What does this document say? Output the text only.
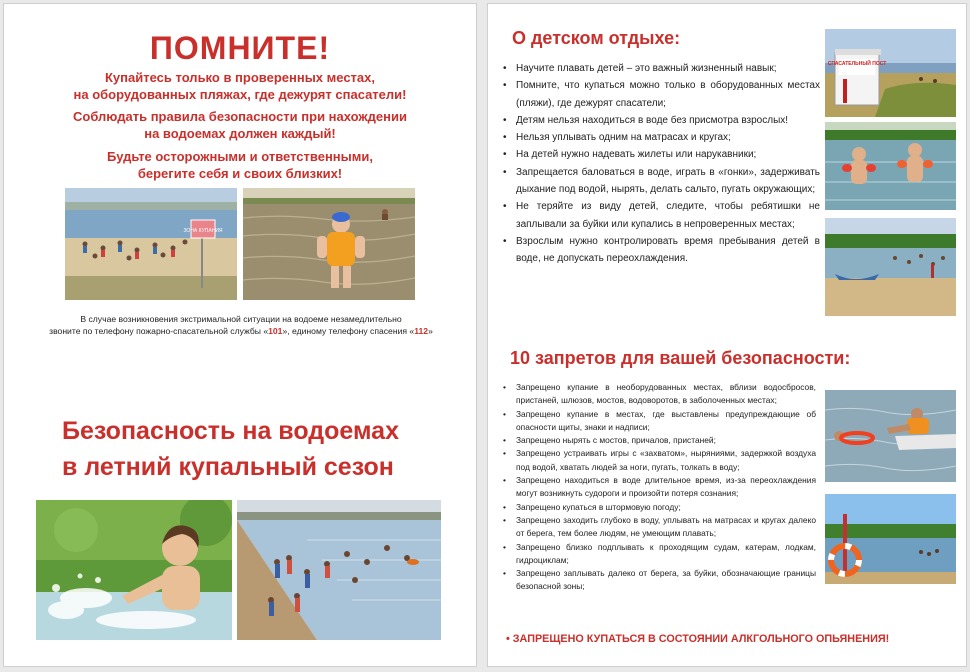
ПОМНИТЕ!
Купайтесь только в проверенных местах,
на оборудованных пляжах, где дежурят спасатели!
Соблюдать правила безопасности при нахождении
на водоемах должен каждый!
Будьте осторожными и ответственными,
берегите себя и своих близких!
ЗОНА КУПАНИЯ
В случае возникновения экстримальной ситуации на водоеме незамедлительно
звоните по телефону пожарно-спасательной службы «101», единому телефону спасения «112»
Безопасность на водоемах
в летний купальный сезон
О детском отдыхе:
• Научите плавать детей – это важный жизненный навык;
• Помните, что купаться можно только в оборудованных местах (пляжи), где дежурят спасатели;
• Детям нельзя находиться в воде без присмотра взрослых!
• Нельзя уплывать одним на матрасах и кругах;
• На детей нужно надевать жилеты или нарукавники;
• Запрещается баловаться в воде, играть в «гонки», задерживать дыхание под водой, нырять, делать сальто, пугать окружающих;
• Не теряйте из виду детей, следите, чтобы ребятишки не заплывали за буйки или купались в непроверенных местах;
• Взрослым нужно контролировать время пребывания детей в воде, не допускать переохлаждения.
СПАСАТЕЛЬНЫЙ ПОСТ
10 запретов для вашей безопасности:
• Запрещено купание в необорудованных местах, вблизи водосбросов, пристаней, шлюзов, мостов, водоворотов, в заболоченных местах;
• Запрещено купание в местах, где выставлены предупреждающие об опасности щиты, знаки и надписи;
• Запрещено нырять с мостов, причалов, пристаней;
• Запрещено устраивать игры с «захватом», ныряниями, задержкой воздуха под водой, хватать людей за ноги, пугать, толкать в воду;
• Запрещено находиться в воде длительное время, из-за переохлаждения могут возникнуть судороги и произойти потеря сознания;
• Запрещено купаться в штормовую погоду;
• Запрещено заходить глубоко в воду, уплывать на матрасах и кругах далеко от берега, тем более людям, не умеющим плавать;
• Запрещено близко подплывать к проходящим судам, катерам, лодкам, гидроциклам;
• Запрещено заплывать далеко от берега, за буйки, обозначающие границы безопасной зоны;
• ЗАПРЕЩЕНО КУПАТЬСЯ В СОСТОЯНИИ АЛКГОЛЬНОГО ОПЬЯНЕНИЯ!
